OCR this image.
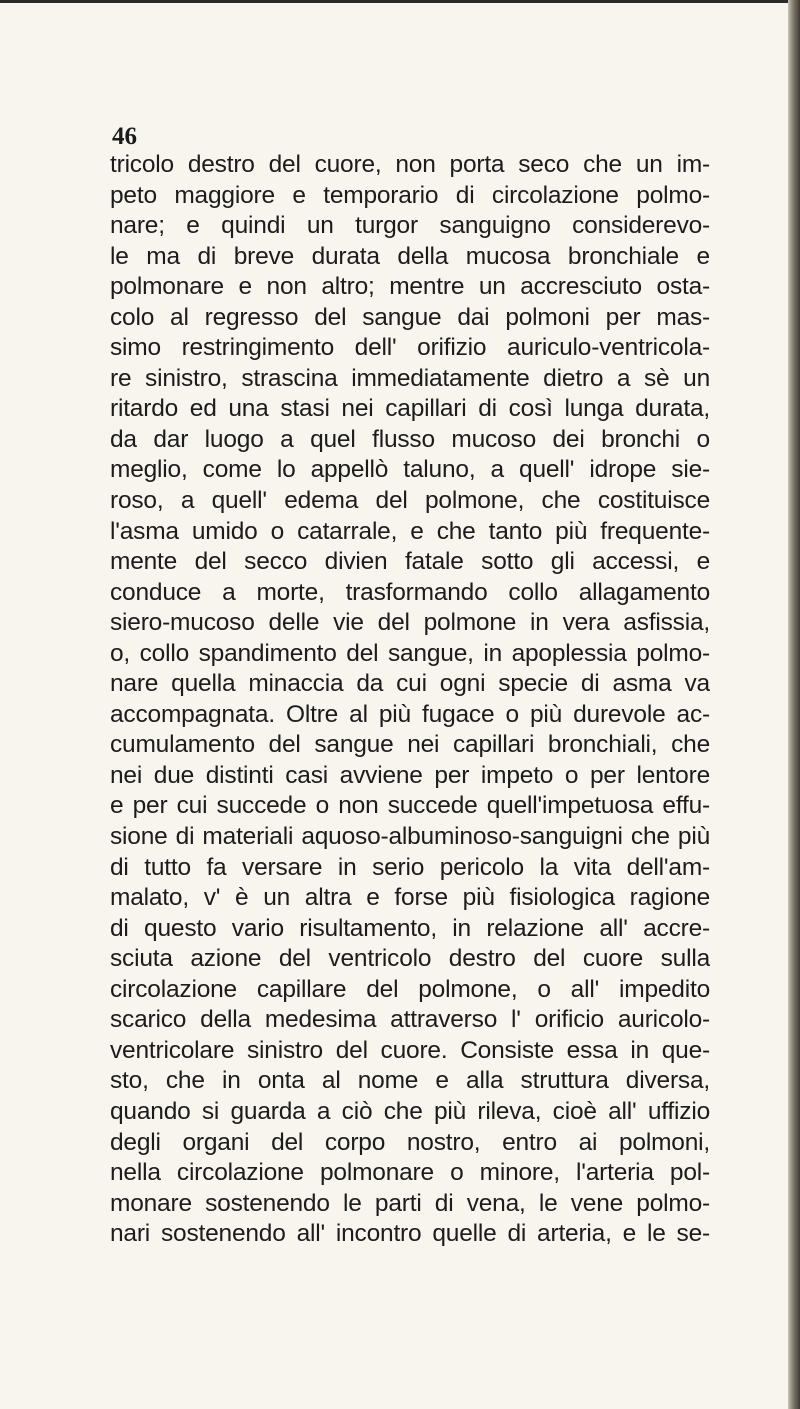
46

tricolo destro del cuore, non porta seco che un im-
peto maggiore e temporario di circolazione polmo-
nare; e quindi un turgor sanguigno considerevo-
le ma di breve durata della mucosa bronchiale e
polmonare e non altro; mentre un accresciuto osta-
colo al regresso del sangue dai polmoni per mas-
simo restringimento dell' orifizio auriculo-ventricola-
re sinistro, strascina immediatamente dietro a sè un
ritardo ed una stasi nei capillari di così lunga durata,
da dar luogo a quel flusso mucoso dei bronchi o
meglio, come lo appellò taluno, a quell' idrope sie-
roso, a quell' edema del polmone, che costituisce
l'asma umido o catarrale, e che tanto più frequente-
mente del secco divien fatale sotto gli accessi, e
conduce a morte, trasformando collo allagamento
siero-mucoso delle vie del polmone in vera asfissia,
o, collo spandimento del sangue, in apoplessia polmo-
nare quella minaccia da cui ogni specie di asma va
accompagnata. Oltre al più fugace o più durevole ac-
cumulamento del sangue nei capillari bronchiali, che
nei due distinti casi avviene per impeto o per lentore
e per cui succede o non succede quell'impetuosa effu-
sione di materiali aquoso-albuminoso-sanguigni che più
di tutto fa versare in serio pericolo la vita dell'am-
malato, v' è un altra e forse più fisiologica ragione
di questo vario risultamento, in relazione all' accre-
sciuta azione del ventricolo destro del cuore sulla
circolazione capillare del polmone, o all' impedito
scarico della medesima attraverso l' orificio auricolo-
ventricolare sinistro del cuore. Consiste essa in que-
sto, che in onta al nome e alla struttura diversa,
quando si guarda a ciò che più rileva, cioè all' uffizio
degli organi del corpo nostro, entro ai polmoni,
nella circolazione polmonare o minore, l'arteria pol-
monare sostenendo le parti di vena, le vene polmo-
nari sostenendo all' incontro quelle di arteria, e le se-
